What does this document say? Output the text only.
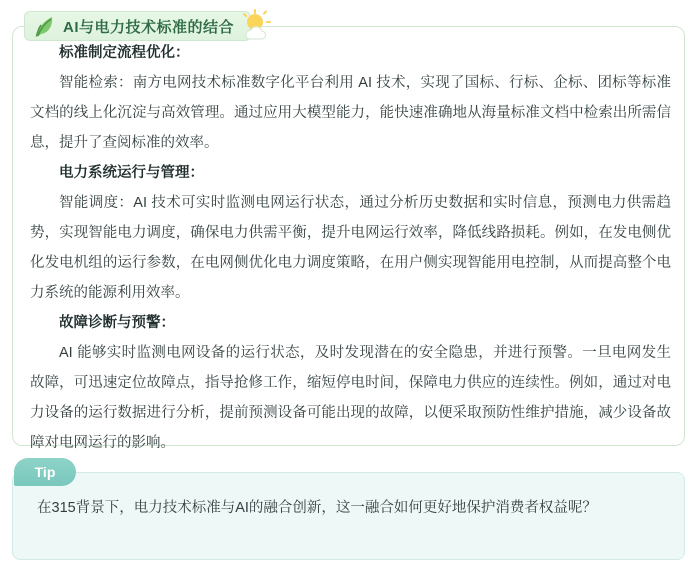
AI与电力技术标准的结合

标准制定流程优化：

智能检索：南方电网技术标准数字化平台利用 AI 技术，实现了国标、行标、企标、团标等标准文档的线上化沉淀与高效管理。通过应用大模型能力，能快速准确地从海量标准文档中检索出所需信息，提升了查阅标准的效率。

电力系统运行与管理：

智能调度：AI 技术可实时监测电网运行状态，通过分析历史数据和实时信息，预测电力供需趋势，实现智能电力调度，确保电力供需平衡，提升电网运行效率，降低线路损耗。例如，在发电侧优化发电机组的运行参数，在电网侧优化电力调度策略，在用户侧实现智能用电控制，从而提高整个电力系统的能源利用效率。

故障诊断与预警：

AI 能够实时监测电网设备的运行状态，及时发现潜在的安全隐患，并进行预警。一旦电网发生故障，可迅速定位故障点，指导抢修工作，缩短停电时间，保障电力供应的连续性。例如，通过对电力设备的运行数据进行分析，提前预测设备可能出现的故障，以便采取预防性维护措施，减少设备故障对电网运行的影响。

在315背景下，电力技术标准与AI的融合创新，这一融合如何更好地保护消费者权益呢？
Tip
